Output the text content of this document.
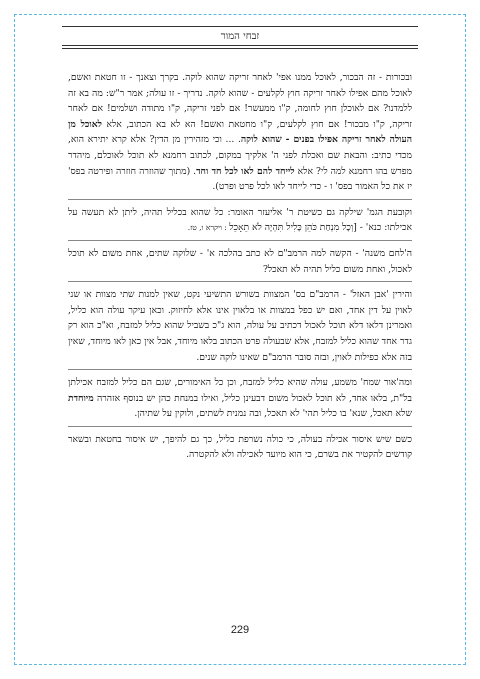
זבחי המור

ובכורות - זה הבכור, לאוכל ממנו אפי' לאחר זריקה שהוא לוקה. בקרך וצאנך - זו חטאת ואשם, לאוכל מהם אפילו לאחר זריקה חוץ לקלעים - שהוא לוקה. נדריך - זו עולה; אמר ר"ש: מה בא זה ללמדנו? אם לאוכלן חוץ לחומה, ק"ו ממעשר! אם לפני זריקה, ק"ו מתודה ושלמים! אם לאחר זריקה, ק"ו מבכור! אם חוץ לקלעים, ק"ו מחטאת ואשם! הא לא בא הכתוב, אלא לאוכל מן העולה לאחר זריקה אפילו בפנים - שהוא לוקה. ... וכי מזהירין מן הדין? אלא קרא יתירא הוא, מכדי כתיב: והבאת שם ואכלת לפני ה' אלקיך במקום, לכתוב רחמנא לא תוכל לאוכלם, מיהדר מפרש בהו רחמנא למה לי? אלא לייחד להם לאו לכל חד וחד. (מתוך שהוזרה חוזרה ופירטה בפס' יז את כל האמור בפס' ו - כדי לייחד לאו לכל פרט ופרט).

וקובעת הגמ' שילקה גם כשיטת ר' אליעזר האומר: כל שהוא בכליל תהיה, ליתן לא תעשה על אכילתו: כנא' - [וְכָל מִנְחַת כֹּהֵן כָּלִיל תִּהְיֶה לֹא תֵאָכֵל : ויקרא ו, טז.

ה'לחם משנה' - הקשה למה הרמב"ם לא כתב בהלכה א' - שלוקה שתים, אחת משום לא תוכל לאכול, ואחת משום כליל תהיה לא תאכל?

והירין 'אבן האזל' - הרמב"ם בס' המצוות בשורש התשיעי נקט, שאין למנות שתי מצוות או שני לאוין על דין אחד, ואם יש כפל במצוות או בלאוין אינו אלא לחיזוק. וכאן עיקר עולה הוא כליל, ואמרינן דלאו דלא תוכל לאכול דכתיב על עולה, הוא ג"כ בשביל שהוא כליל למזבח, וא"כ הוא רק גדר אחד שהוא כליל למזבח, אלא שבעולה פרט הכתוב בלאו מיוחד, אבל אין כאן לאו מיוחד, שאין בזה אלא כפילות לאוין, ובזה סובר הרמב"ם שאינו לוקה שנים.

ומה'אור שמח' משמע, עולה שהיא כליל למזבח, וכן כל האימורים, שגם הם כליל למזבח אכילתן בל"ת, בלאו אחד, לא תוכל לאכול משום דבעינן כליל, ואילו במנחת כהן יש בנוסף אזהרה מיוחדת שלא תאכל, שנא' בו כליל תהי' לא תאכל, ובה נמנית לשתים, ולוקין על שתיהן.

כשם שיש איסור אכילה בעולה, כי כולה נשרפת כליל, כך גם להיפך, יש איסור בחטאת ובשאר קודשים להקטיר את בשרם, כי הוא מיועד לאכילה ולא להקטרה.

229
